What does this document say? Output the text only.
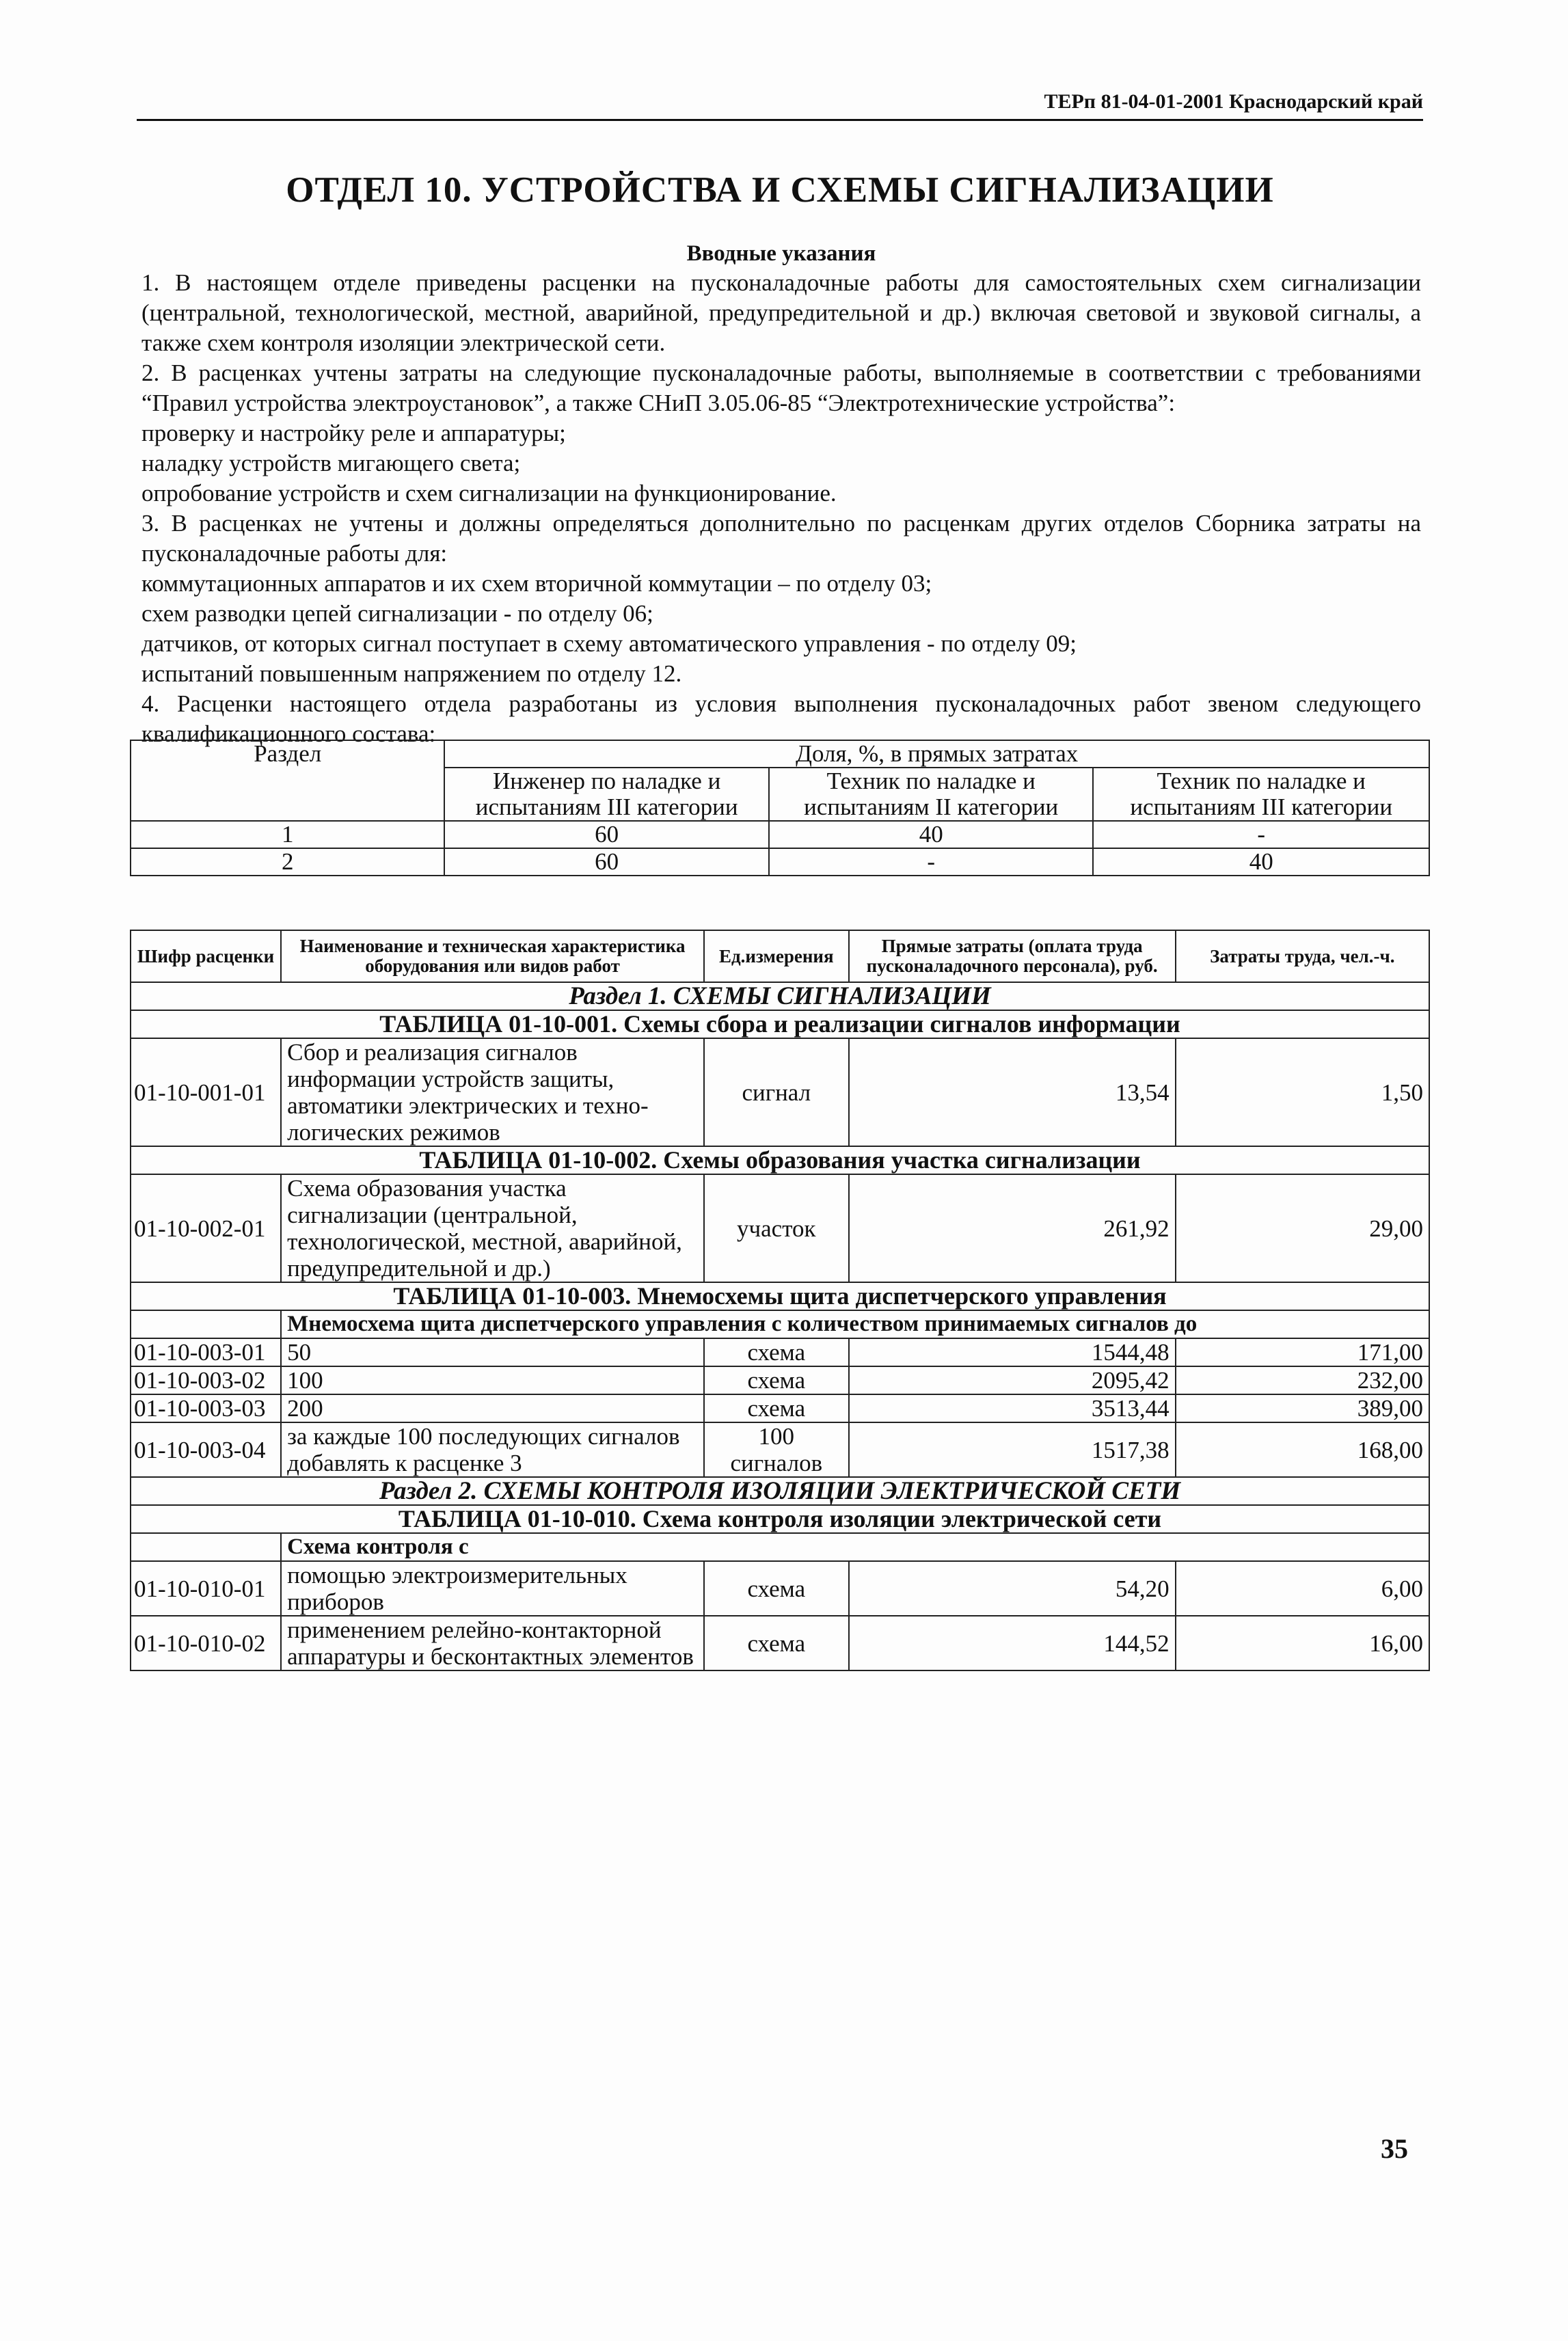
ТЕРп 81-04-01-2001 Краснодарский край
ОТДЕЛ 10. УСТРОЙСТВА И СХЕМЫ СИГНАЛИЗАЦИИ
Вводные указания

1. В настоящем отделе приведены расценки на пусконаладочные работы для самостоятельных схем сигнализации (центральной, технологической, местной, аварийной, предупредительной и др.) включая световой и звуковой сигналы, а также схем контроля изоляции электрической сети.

2. В расценках учтены затраты на следующие пусконаладочные работы, выполняемые в соответствии с требованиями “Правил устройства электроустановок”, а также СНиП 3.05.06-85 “Электротехнические устройства”:

проверку и настройку реле и аппаратуры;

наладку устройств мигающего света;

опробование устройств и схем сигнализации на функционирование.

3. В расценках не учтены и должны определяться дополнительно по расценкам других отделов Сборника затраты на пусконаладочные работы для:

коммутационных аппаратов и их схем вторичной коммутации – по отделу 03;

схем разводки цепей сигнализации - по отделу 06;

датчиков, от которых сигнал поступает в схему автоматического управления - по отделу 09;

испытаний повышенным напряжением по отделу 12.

4. Расценки настоящего отдела разработаны из условия выполнения пусконаладочных работ звеном следующего квалификационного состава:

Раздел	Доля, %, в прямых затратах		
	Инженер по наладке и испытаниям III категории	Техник по наладке и испытаниям II категории	Техник по наладке и испытаниям III категории
1	60	40	-
2	60	-	40
Шифр расценки	Наименование и техническая характеристика оборудования или видов работ	Ед.измерения	Прямые затраты (оплата труда пусконаладочного персонала), руб.	Затраты труда, чел.-ч.
Раздел 1. СХЕМЫ СИГНАЛИЗАЦИИ				
ТАБЛИЦА 01-10-001. Схемы сбора и реализации сигналов информации				
01-10-001-01	Сбор и реализация сигналов информации устройств защиты, автоматики электрических и техно-логических режимов	сигнал	13,54	1,50
ТАБЛИЦА 01-10-002. Схемы образования участка сигнализации				
01-10-002-01	Схема образования участка сигнализации (центральной, технологической, местной, аварийной, предупредительной и др.)	участок	261,92	29,00
ТАБЛИЦА 01-10-003. Мнемосхемы щита диспетчерского управления				
	Мнемосхема щита диспетчерского управления с количеством принимаемых сигналов до			
01-10-003-01	50	схема	1544,48	171,00
01-10-003-02	100	схема	2095,42	232,00
01-10-003-03	200	схема	3513,44	389,00
01-10-003-04	за каждые 100 последующих сигналов добавлять к расценке 3	100 сигналов	1517,38	168,00
Раздел 2. СХЕМЫ КОНТРОЛЯ ИЗОЛЯЦИИ ЭЛЕКТРИЧЕСКОЙ СЕТИ				
ТАБЛИЦА 01-10-010. Схема контроля изоляции электрической сети				
	Схема контроля с			
01-10-010-01	помощью электроизмерительных приборов	схема	54,20	6,00
01-10-010-02	применением релейно-контакторной аппаратуры и бесконтактных элементов	схема	144,52	16,00
35
